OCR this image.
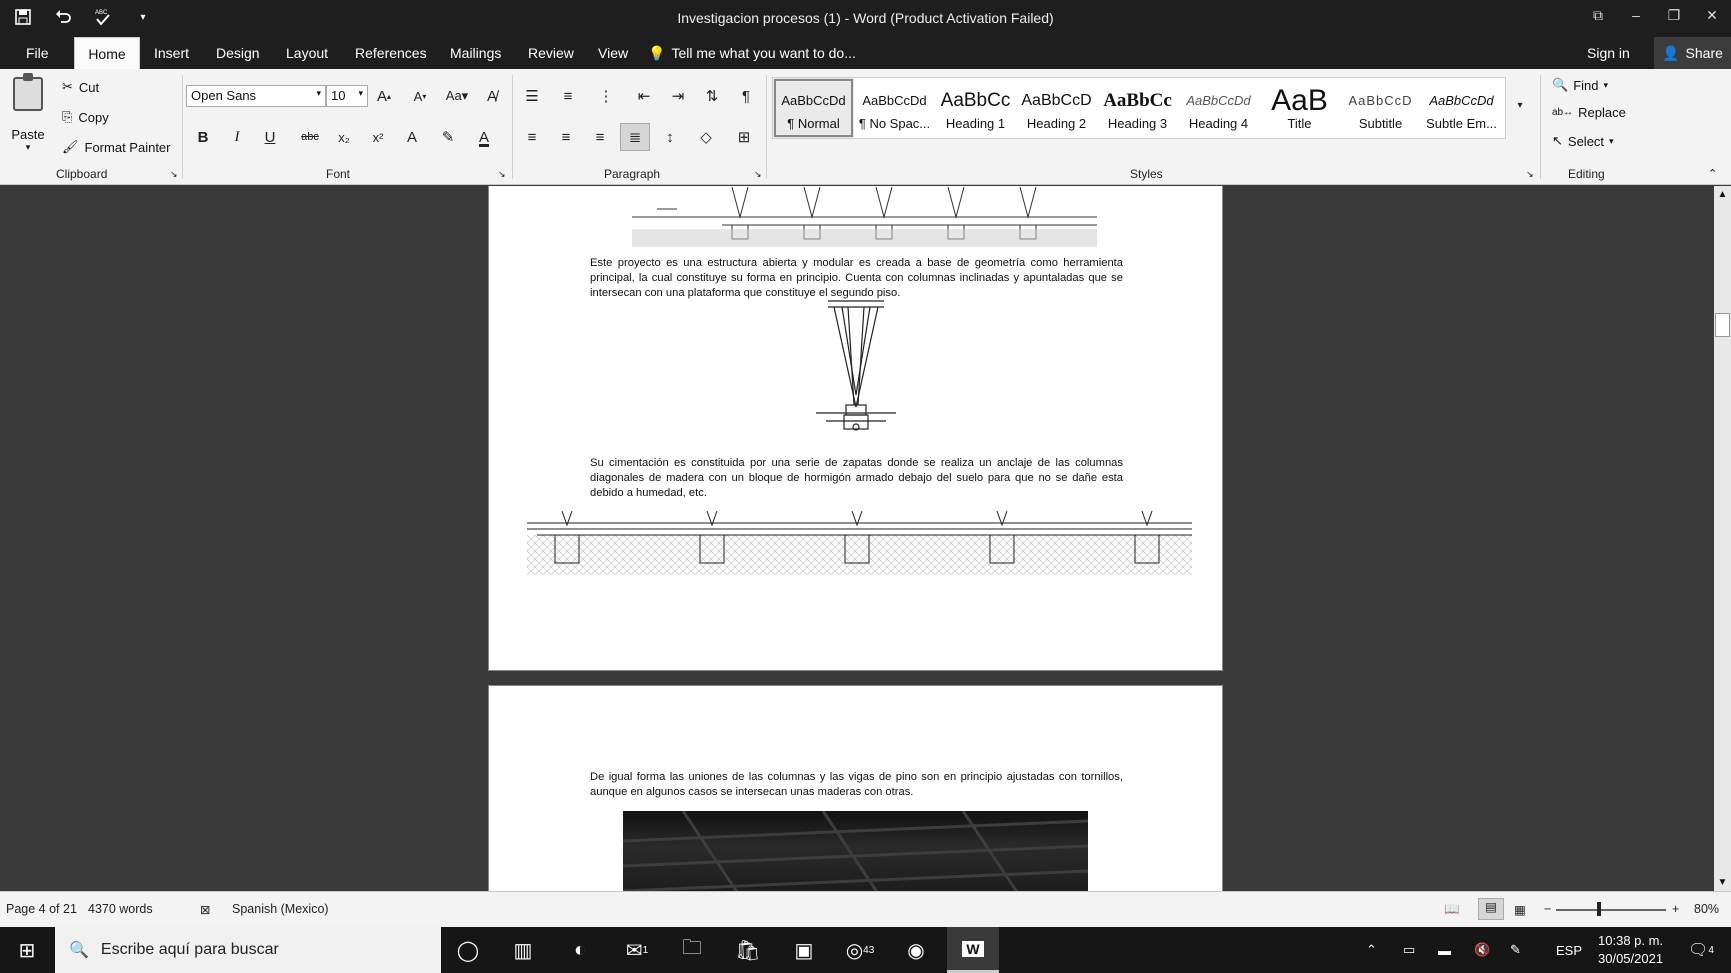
ABC	▾	Investigacion procesos (1) - Word (Product Activation Failed)	⧉	–	❐	✕
File	Home	Insert	Design	Layout	References	Mailings	Review	View	💡 Tell me what you want to do...	Sign in 👤 Share
Paste
▾
✂ Cut
⎘ Copy
🖌 Format Painter
Clipboard	↘
Open Sans	▾ 10 ▾ A ▴	A ▾ Aa▾	A̸
B	I	U	abc	x₂	x²	A	✎	A
Font	↘
☰	≡	⋮	⇤	⇥	⇅	¶
≡	≡	≡	≣	↕	◇	⊞
Paragraph	↘
AaBbCcDd
¶ Normal
AaBbCcDd
¶ No Spac...
AaBbCc
Heading 1
AaBbCcD
Heading 2
AaBbCc
Heading 3
AaBbCcDd
Heading 4
AaB
Title
AaBbCcD
Subtitle
AaBbCcDd
Subtle Em...
▾
Styles	↘
🔍 Find ▾
ab↔ Replace
↖ Select ▾
Editing	⌃
Este proyecto es una estructura abierta y modular es creada a base de geometría como herramienta principal, la cual constituye su forma en principio. Cuenta con columnas inclinadas y apuntaladas que se intersecan con una plataforma que constituye el segundo piso.
Su cimentación es constituida por una serie de zapatas donde se realiza un anclaje de las columnas diagonales de madera con un bloque de hormigón armado debajo del suelo para que no se dañe esta debido a humedad, etc.
De igual forma las uniones de las columnas y las vigas de pino son en principio ajustadas con tornillos, aunque en algunos casos se intersecan unas maderas con otras.
▲
▼
Page 4 of 21 4370 words	⊠ Spanish (Mexico)	📖	▤	▦ −	+ 80%
⊞	🔍 Escribe aquí para buscar	◯	▥	◐	✉ 1	🗀	🛍	▣	◎ 43	◉	W	⌃ ▭ ▬ 🔇 ✎	ESP
10:38 p. m.
30/05/2021 🗨 4
